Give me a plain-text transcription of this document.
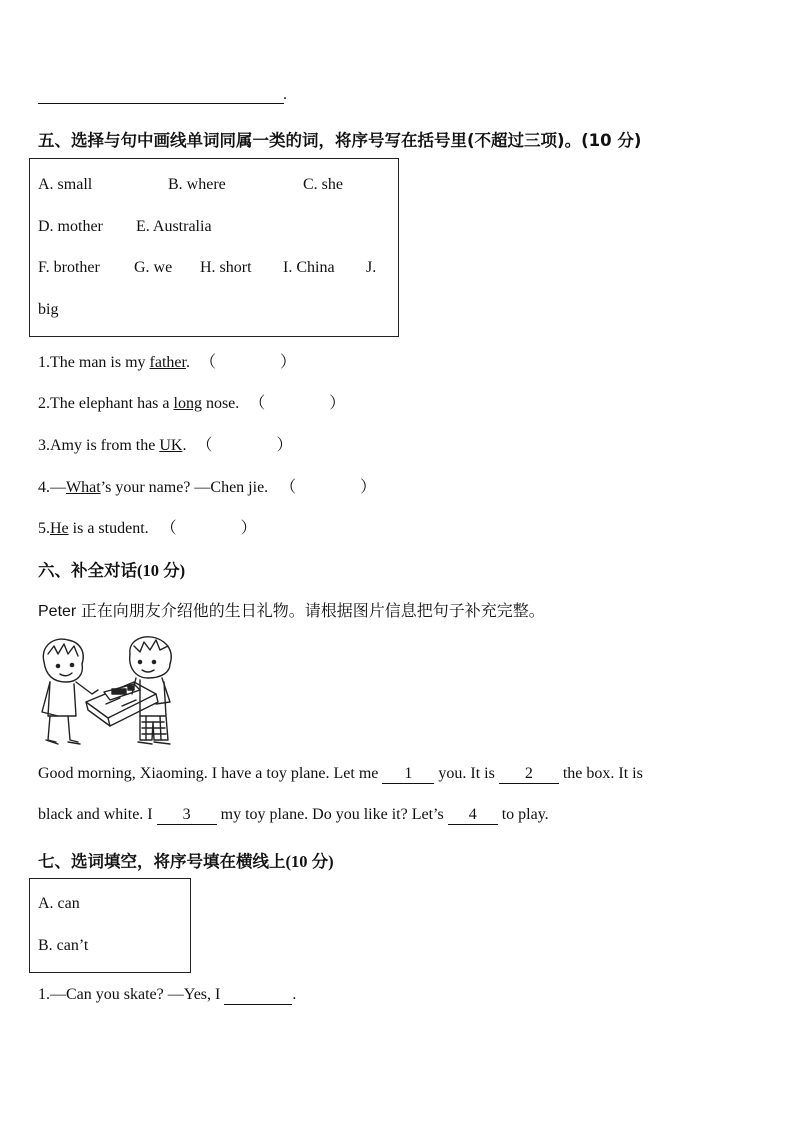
.
五、选择与句中画线单词同属一类的词，将序号写在括号里(不超过三项)。(10 分)
A. small	B. where	C. she
D. mother E. Australia
F. brother G. we H. short I. China J.
big
1.The man is my father. （　　　　）
2.The elephant has a long nose. （　　　　）
3.Amy is from the UK. （　　　　）
4.—What’s your name? —Chen jie. （　　　　）
5.He is a student. （　　　　）
六、补全对话(10 分)
Peter 正在向朋友介绍他的生日礼物。请根据图片信息把句子补充完整。
Good morning, Xiaoming. I have a toy plane. Let me 1 you. It is 2 the box. It is
black and white. I 3 my toy plane. Do you like it? Let’s 4 to play.
七、选词填空，将序号填在横线上(10 分)
A. can
B. can’t
1.—Can you skate? —Yes, I	.
